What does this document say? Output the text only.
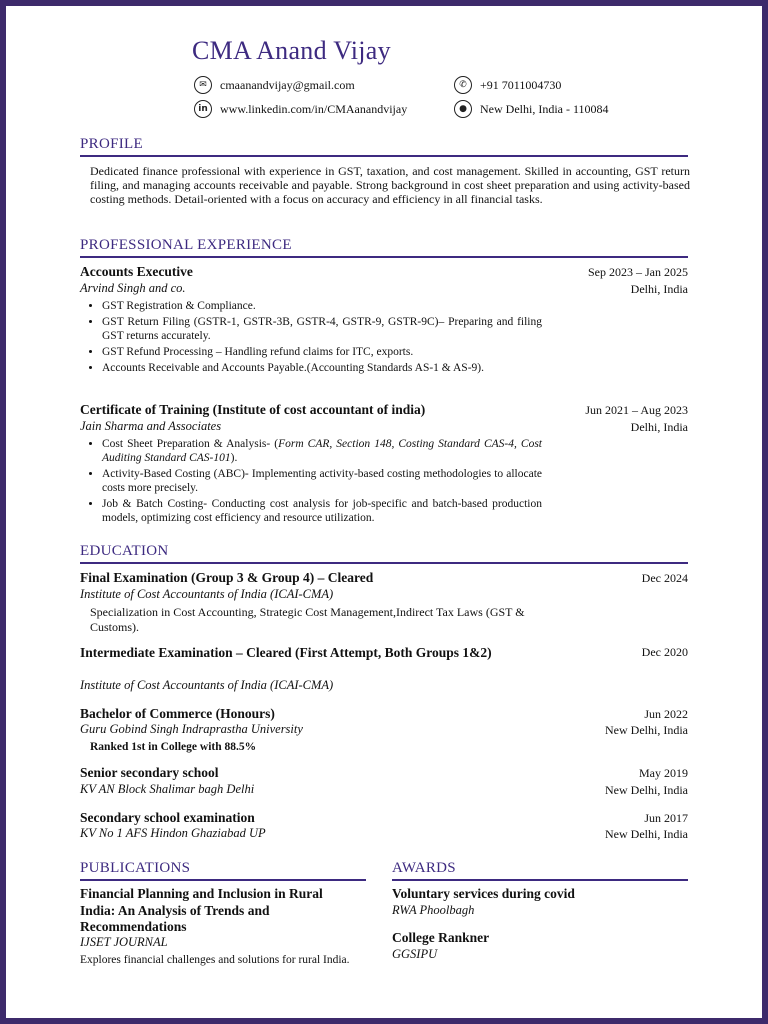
CMA Anand Vijay
✉	cmaanandvijay@gmail.com	✆	+91 7011004730
in	www.linkedin.com/in/CMAanandvijay	●	New Delhi, India - 110084
PROFILE
Dedicated finance professional with experience in GST, taxation, and cost management. Skilled in accounting, GST return filing, and managing accounts receivable and payable. Strong background in cost sheet preparation and using activity-based costing methods. Detail-oriented with a focus on accuracy and efficiency in all financial tasks.
PROFESSIONAL EXPERIENCE
Accounts Executive
Arvind Singh and co.
Sep 2023 – Jan 2025
Delhi, India
• GST Registration & Compliance.
• GST Return Filing (GSTR-1, GSTR-3B, GSTR-4, GSTR-9, GSTR-9C)– Preparing and filing GST returns accurately.
• GST Refund Processing – Handling refund claims for ITC, exports.
• Accounts Receivable and Accounts Payable.(Accounting Standards AS-1 & AS-9).
Certificate of Training (Institute of cost accountant of india)
Jain Sharma and Associates
Jun 2021 – Aug 2023
Delhi, India
• Cost Sheet Preparation & Analysis- (Form CAR, Section 148, Costing Standard CAS-4, Cost Auditing Standard CAS-101).
• Activity-Based Costing (ABC)- Implementing activity-based costing methodologies to allocate costs more precisely.
• Job & Batch Costing- Conducting cost analysis for job-specific and batch-based production models, optimizing cost efficiency and resource utilization.
EDUCATION
Final Examination (Group 3 & Group 4) – Cleared	Dec 2024
Institute of Cost Accountants of India (ICAI-CMA)
Specialization in Cost Accounting, Strategic Cost Management,Indirect Tax Laws (GST & Customs).
Intermediate Examination – Cleared (First Attempt, Both Groups 1&2)	Dec 2020
Institute of Cost Accountants of India (ICAI-CMA)
Bachelor of Commerce (Honours)	Jun 2022
Guru Gobind Singh Indraprastha University	New Delhi, India
Ranked 1st in College with 88.5%
Senior secondary school	May 2019
KV AN Block Shalimar bagh Delhi	New Delhi, India
Secondary school examination	Jun 2017
KV No 1 AFS Hindon Ghaziabad UP	New Delhi, India
PUBLICATIONS
Financial Planning and Inclusion in Rural India: An Analysis of Trends and Recommendations
IJSET JOURNAL
Explores financial challenges and solutions for rural India.
AWARDS
Voluntary services during covid
RWA Phoolbagh
College Rankner
GGSIPU
